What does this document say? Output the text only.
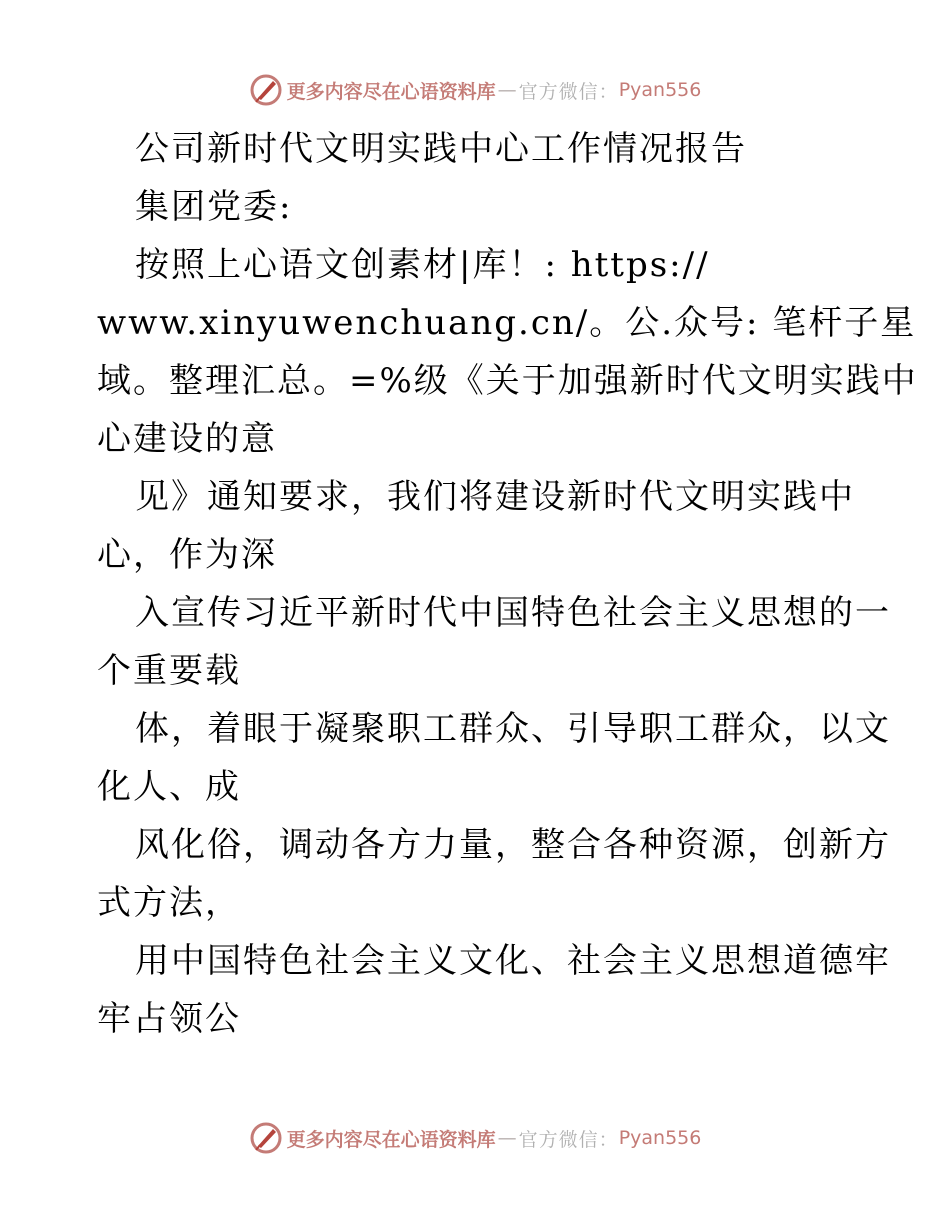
更多内容尽在心语资料库 — 官方微信： Pyan556
公司新时代文明实践中心工作情况报告
集团党委:
按照上心语文创素材|库！: https://
www.xinyuwenchuang.cn/。公.众号: 笔杆子星
域。整理汇总。=%级《关于加强新时代文明实践中
心建设的意
见》通知要求，我们将建设新时代文明实践中
心，作为深
入宣传习近平新时代中国特色社会主义思想的一
个重要载
体，着眼于凝聚职工群众、引导职工群众，以文
化人、成
风化俗，调动各方力量，整合各种资源，创新方
式方法，
用中国特色社会主义文化、社会主义思想道德牢
牢占领公
更多内容尽在心语资料库 — 官方微信： Pyan556
